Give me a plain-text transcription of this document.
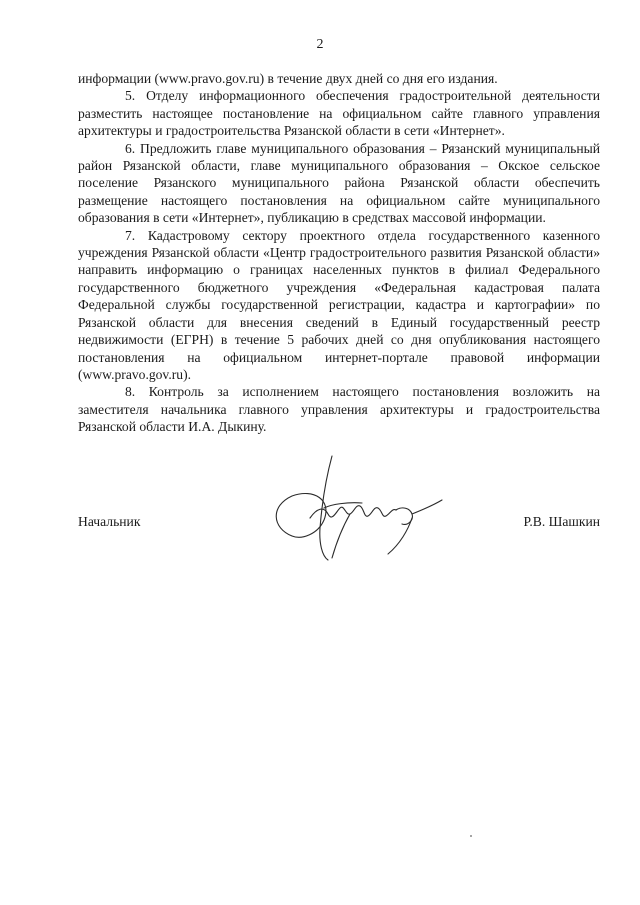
2

информации (www.pravo.gov.ru) в течение двух дней со дня его издания.

5. Отделу информационного обеспечения градостроительной деятельности разместить настоящее постановление на официальном сайте главного управления архитектуры и градостроительства Рязанской области в сети «Интернет».

6. Предложить главе муниципального образования – Рязанский муниципальный район Рязанской области, главе муниципального образования – Окское сельское поселение Рязанского муниципального района Рязанской области обеспечить размещение настоящего постановления на официальном сайте муниципального образования в сети «Интернет», публикацию в средствах массовой информации.

7. Кадастровому сектору проектного отдела государственного казенного учреждения Рязанской области «Центр градостроительного развития Рязанской области» направить информацию о границах населенных пунктов в филиал Федерального государственного бюджетного учреждения «Федеральная кадастровая палата Федеральной службы государственной регистрации, кадастра и картографии» по Рязанской области для внесения сведений в Единый государственный реестр недвижимости (ЕГРН) в течение 5 рабочих дней со дня опубликования настоящего постановления на официальном интернет-портале правовой информации (www.pravo.gov.ru).

8. Контроль за исполнением настоящего постановления возложить на заместителя начальника главного управления архитектуры и градостроительства Рязанской области И.А. Дыкину.

Начальник	Р.В. Шашкин
